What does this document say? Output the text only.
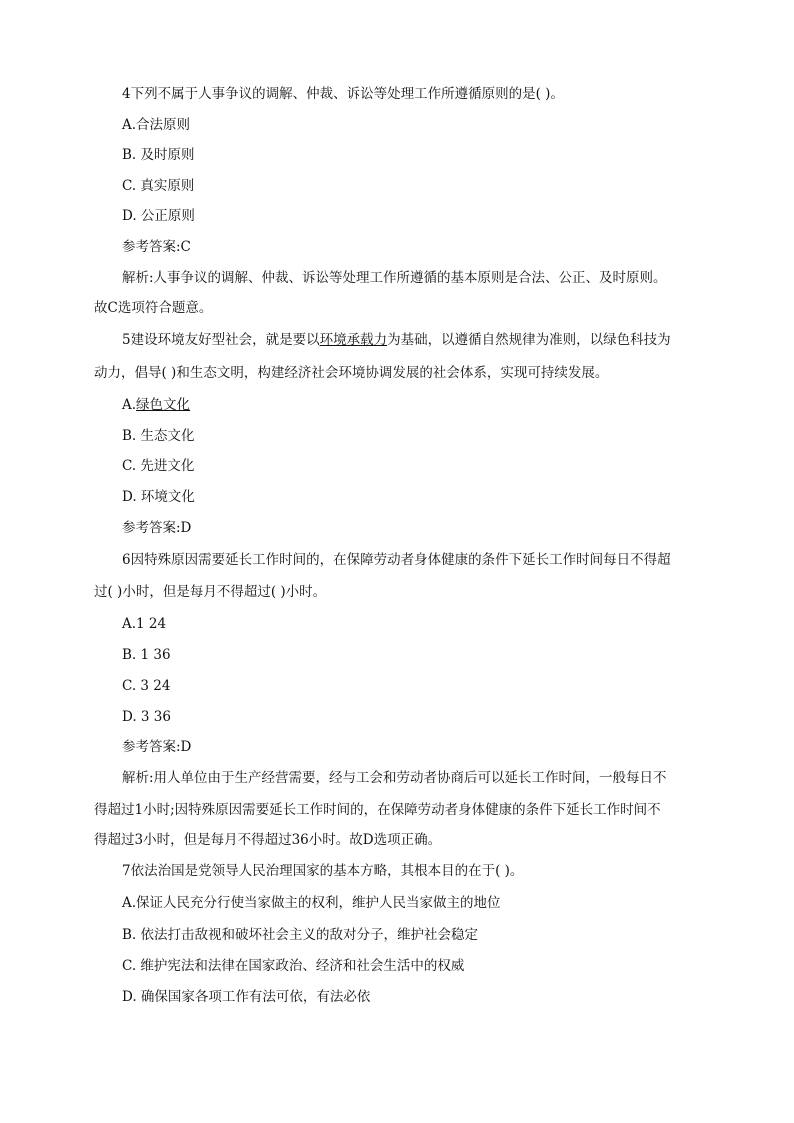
4下列不属于人事争议的调解、仲裁、诉讼等处理工作所遵循原则的是( )。
A.合法原则
B. 及时原则
C. 真实原则
D. 公正原则
参考答案:C
解析:人事争议的调解、仲裁、诉讼等处理工作所遵循的基本原则是合法、公正、及时原则。
故C选项符合题意。
5建设环境友好型社会，就是要以环境承载力为基础，以遵循自然规律为准则，以绿色科技为
动力，倡导( )和生态文明，构建经济社会环境协调发展的社会体系，实现可持续发展。
A.绿色文化
B. 生态文化
C. 先进文化
D. 环境文化
参考答案:D
6因特殊原因需要延长工作时间的，在保障劳动者身体健康的条件下延长工作时间每日不得超
过( )小时，但是每月不得超过( )小时。
A.1 24
B. 1 36
C. 3 24
D. 3 36
参考答案:D
解析:用人单位由于生产经营需要，经与工会和劳动者协商后可以延长工作时间，一般每日不
得超过1小时;因特殊原因需要延长工作时间的，在保障劳动者身体健康的条件下延长工作时间不
得超过3小时，但是每月不得超过36小时。故D选项正确。
7依法治国是党领导人民治理国家的基本方略，其根本目的在于( )。
A.保证人民充分行使当家做主的权利，维护人民当家做主的地位
B. 依法打击敌视和破坏社会主义的敌对分子，维护社会稳定
C. 维护宪法和法律在国家政治、经济和社会生活中的权威
D. 确保国家各项工作有法可依，有法必依
